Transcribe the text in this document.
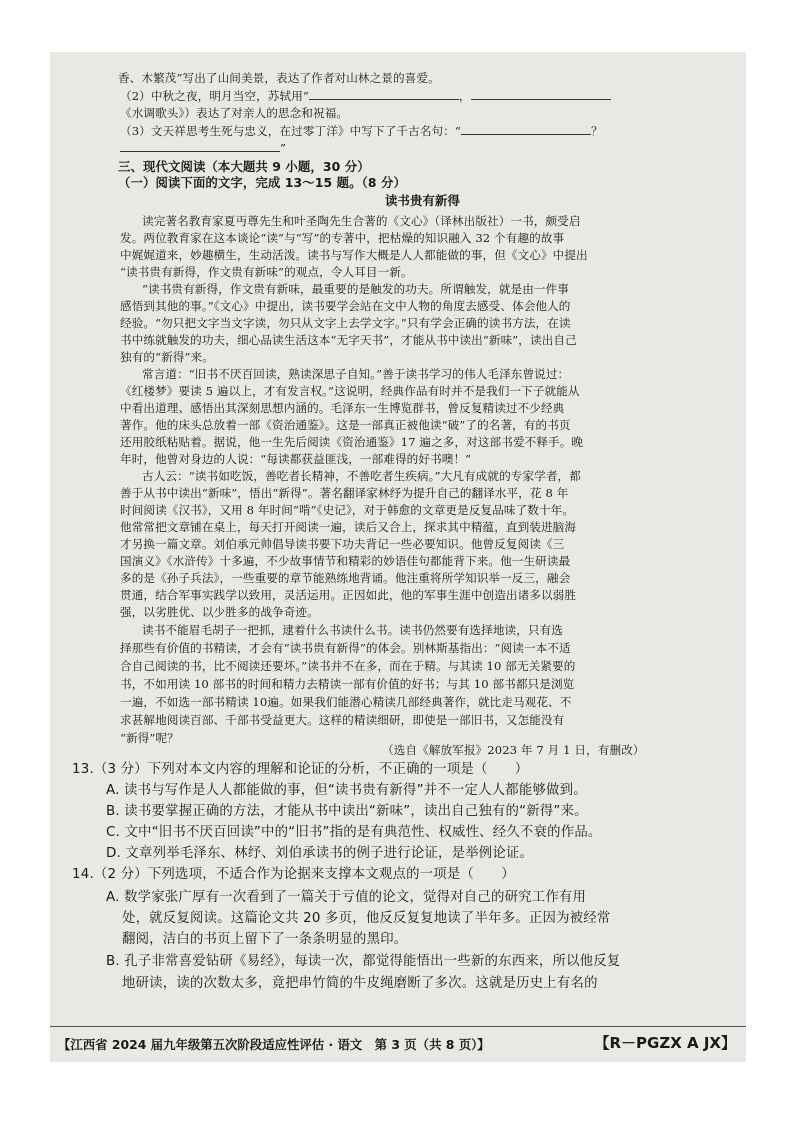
香、木繁茂”写出了山间美景，表达了作者对山林之景的喜爱。
（2）中秋之夜，明月当空，苏轼用“	，
《水调歌头》）表达了对亲人的思念和祝福。
（3）文天祥思考生死与忠义，在过零丁洋》中写下了千古名句：“	？
”
三、现代文阅读（本大题共 9 小题，30 分）
（一）阅读下面的文字，完成 13～15 题。（8 分）
读书贵有新得
读完著名教育家夏丏尊先生和叶圣陶先生合著的《文心》（译林出版社）一书，颇受启
发。两位教育家在这本谈论“读”与“写”的专著中，把枯燥的知识融入 32 个有趣的故事
中娓娓道来，妙趣横生，生动活泼。读书与写作大概是人人都能做的事，但《文心》中提出
“读书贵有新得，作文贵有新味”的观点，令人耳目一新。
“读书贵有新得，作文贵有新味，最重要的是触发的功夫。所谓触发，就是由一件事
感悟到其他的事。”《文心》中提出，读书要学会站在文中人物的角度去感受、体会他人的
经验。“勿只把文字当文字读，勿只从文字上去学文字。”只有学会正确的读书方法，在读
书中练就触发的功夫，细心品读生活这本“无字天书”，才能从书中读出“新味”，读出自己
独有的“新得”来。
常言道：“旧书不厌百回读，熟读深思子自知。”善于读书学习的伟人毛泽东曾说过：
《红楼梦》要读 5 遍以上，才有发言权。”这说明，经典作品有时并不是我们一下子就能从
中看出道理、感悟出其深刻思想内涵的。毛泽东一生博览群书，曾反复精读过不少经典
著作。他的床头总放着一部《资治通鉴》。这是一部真正被他读“破”了的名著，有的书页
还用胶纸粘贴着。据说，他一生先后阅读《资治通鉴》17 遍之多，对这部书爱不释手。晚
年时，他曾对身边的人说：“每读都获益匪浅，一部难得的好书噢！”
古人云：“读书如吃饭，善吃者长精神，不善吃者生疾病。”大凡有成就的专家学者，都
善于从书中读出“新味”，悟出“新得”。著名翻译家林纾为提升自己的翻译水平，花 8 年
时间阅读《汉书》，又用 8 年时间“啃”《史记》，对于韩愈的文章更是反复品味了数十年。
他常常把文章铺在桌上，每天打开阅读一遍，读后又合上，探求其中精蕴，直到装进脑海
才另换一篇文章。刘伯承元帅倡导读书要下功夫背记一些必要知识。他曾反复阅读《三
国演义》《水浒传》十多遍，不少故事情节和精彩的妙语佳句都能背下来。他一生研读最
多的是《孙子兵法》，一些重要的章节能熟练地背诵。他注重将所学知识举一反三，融会
贯通，结合军事实践学以致用，灵活运用。正因如此，他的军事生涯中创造出诸多以弱胜
强，以劣胜优、以少胜多的战争奇迹。
读书不能眉毛胡子一把抓，逮着什么书读什么书。读书仍然要有选择地读，只有选
择那些有价值的书精读，才会有“读书贵有新得”的体会。别林斯基指出：“阅读一本不适
合自己阅读的书，比不阅读还要坏。”读书并不在多，而在于精。与其读 10 部无关紧要的
书，不如用读 10 部书的时间和精力去精读一部有价值的好书；与其 10 部书都只是浏览
一遍，不如选一部书精读 10遍。如果我们能潜心精读几部经典著作，就比走马观花、不
求甚解地阅读百部、千部书受益更大。这样的精读细研，即使是一部旧书，又怎能没有
“新得”呢？
（选自《解放军报》2023 年 7 月 1 日，有删改）
13.（3 分）下列对本文内容的理解和论证的分析，不正确的一项是（　　）
A. 读书与写作是人人都能做的事，但“读书贵有新得”并不一定人人都能够做到。
B. 读书要掌握正确的方法，才能从书中读出“新味”，读出自己独有的“新得”来。
C. 文中“旧书不厌百回读”中的“旧书”指的是有典范性、权威性、经久不衰的作品。
D. 文章列举毛泽东、林纾、刘伯承读书的例子进行论证，是举例论证。
14.（2 分）下列选项，不适合作为论据来支撑本文观点的一项是（　　）
A. 数学家张广厚有一次看到了一篇关于亏值的论文，觉得对自己的研究工作有用
处，就反复阅读。这篇论文共 20 多页，他反反复复地读了半年多。正因为被经常
翻阅，洁白的书页上留下了一条条明显的黑印。
B. 孔子非常喜爱钻研《易经》，每读一次，都觉得能悟出一些新的东西来，所以他反复
地研读，读的次数太多，竟把串竹简的牛皮绳磨断了多次。这就是历史上有名的
【江西省 2024 届九年级第五次阶段适应性评估 · 语文　第 3 页（共 8 页）】	【R－PGZX A JX】
